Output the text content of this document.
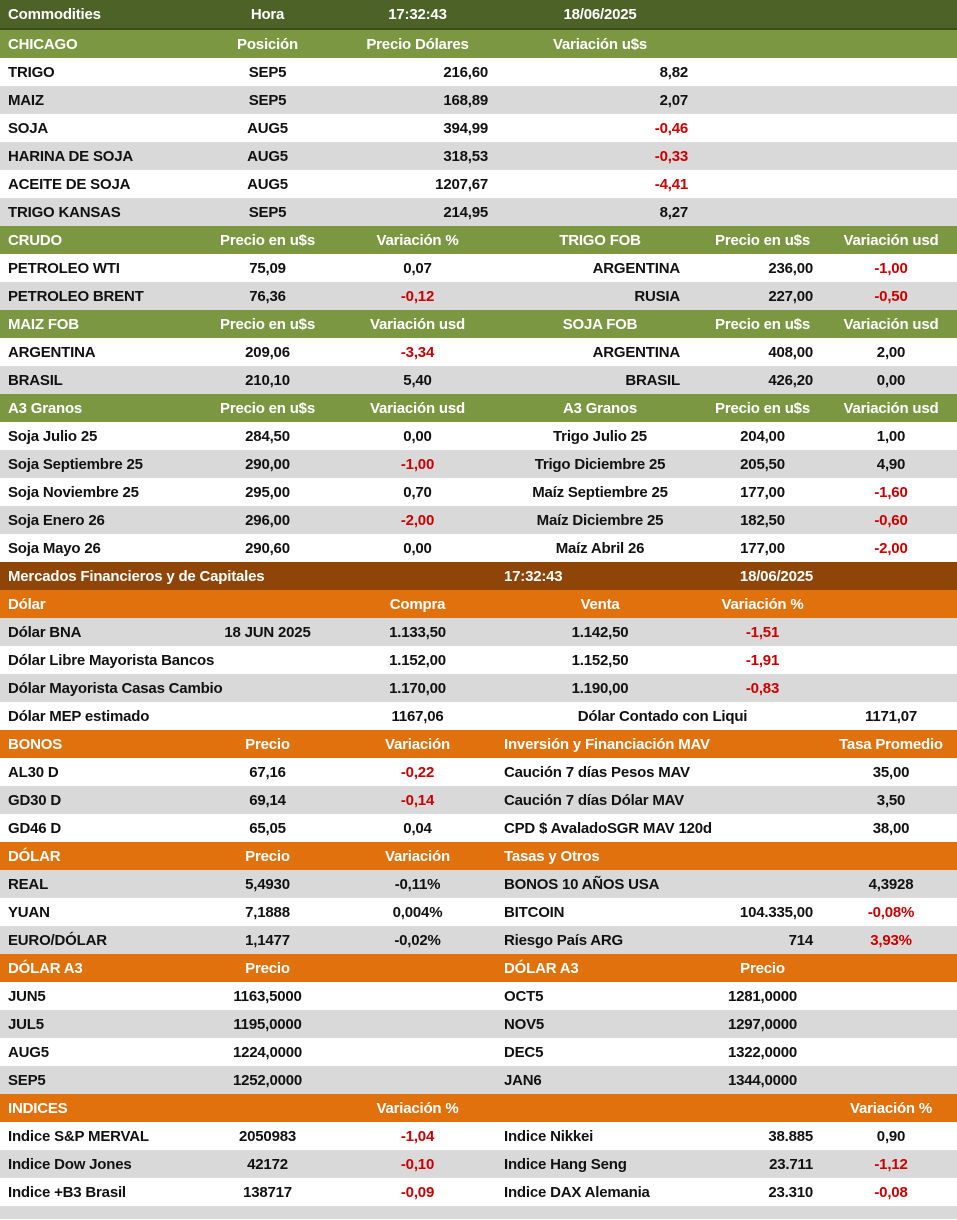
Commodities	Hora	17:32:43	18/06/2025		
CHICAGO	Posición	Precio Dólares	Variación u$s		
TRIGO	SEP5	216,60	8,82		
MAIZ	SEP5	168,89	2,07		
SOJA	AUG5	394,99	-0,46		
HARINA DE SOJA	AUG5	318,53	-0,33		
ACEITE DE SOJA	AUG5	1207,67	-4,41		
TRIGO KANSAS	SEP5	214,95	8,27		
CRUDO	Precio en u$s	Variación %	TRIGO FOB	Precio en u$s	Variación usd
PETROLEO WTI	75,09	0,07	ARGENTINA	236,00	-1,00
PETROLEO BRENT	76,36	-0,12	RUSIA	227,00	-0,50
MAIZ FOB	Precio en u$s	Variación usd	SOJA FOB	Precio en u$s	Variación usd
ARGENTINA	209,06	-3,34	ARGENTINA	408,00	2,00
BRASIL	210,10	5,40	BRASIL	426,20	0,00
A3 Granos	Precio en u$s	Variación usd	A3 Granos	Precio en u$s	Variación usd
Soja Julio 25	284,50	0,00	Trigo Julio 25	204,00	1,00
Soja Septiembre 25	290,00	-1,00	Trigo Diciembre 25	205,50	4,90
Soja Noviembre 25	295,00	0,70	Maíz Septiembre 25	177,00	-1,60
Soja Enero 26	296,00	-2,00	Maíz Diciembre 25	182,50	-0,60
Soja Mayo 26	290,60	0,00	Maíz Abril 26	177,00	-2,00
Mercados Financieros y de Capitales			17:32:43	18/06/2025	
Dólar		Compra	Venta	Variación %	
Dólar BNA	18 JUN 2025	1.133,50	1.142,50	-1,51	
Dólar Libre Mayorista Bancos		1.152,00	1.152,50	-1,91	
Dólar Mayorista Casas Cambio		1.170,00	1.190,00	-0,83	
Dólar MEP estimado		1167,06	Dólar Contado con Liqui		1171,07
BONOS	Precio	Variación	Inversión y Financiación MAV		Tasa Promedio
AL30 D	67,16	-0,22	Caución 7 días Pesos MAV		35,00
GD30 D	69,14	-0,14	Caución 7 días Dólar MAV		3,50
GD46 D	65,05	0,04	CPD $ AvaladoSGR MAV 120d		38,00
DÓLAR	Precio	Variación	Tasas y Otros		
REAL	5,4930	-0,11%	BONOS 10 AÑOS USA		4,3928
YUAN	7,1888	0,004%	BITCOIN	104.335,00	-0,08%
EURO/DÓLAR	1,1477	-0,02%	Riesgo País ARG	714	3,93%
DÓLAR A3	Precio		DÓLAR A3	Precio	
JUN5	1163,5000		OCT5	1281,0000	
JUL5	1195,0000		NOV5	1297,0000	
AUG5	1224,0000		DEC5	1322,0000	
SEP5	1252,0000		JAN6	1344,0000	
INDICES		Variación %			Variación %
Indice S&P MERVAL	2050983	-1,04	Indice Nikkei	38.885	0,90
Indice Dow Jones	42172	-0,10	Indice Hang Seng	23.711	-1,12
Indice +B3 Brasil	138717	-0,09	Indice DAX Alemania	23.310	-0,08
